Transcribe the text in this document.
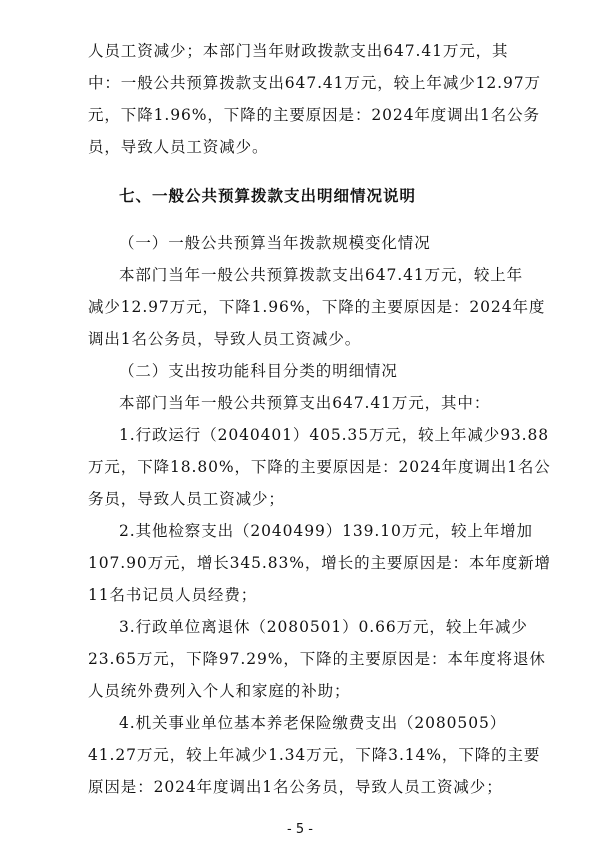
人员工资减少；本部门当年财政拨款支出647.41万元，其
中：一般公共预算拨款支出647.41万元，较上年减少12.97万
元，下降1.96%，下降的主要原因是：2024年度调出1名公务
员，导致人员工资减少。
七、一般公共预算拨款支出明细情况说明
（一）一般公共预算当年拨款规模变化情况
本部门当年一般公共预算拨款支出647.41万元，较上年
减少12.97万元，下降1.96%，下降的主要原因是：2024年度
调出1名公务员，导致人员工资减少。
（二）支出按功能科目分类的明细情况
本部门当年一般公共预算支出647.41万元，其中：
1.行政运行（2040401）405.35万元，较上年减少93.88
万元，下降18.80%，下降的主要原因是：2024年度调出1名公
务员，导致人员工资减少；
2.其他检察支出（2040499）139.10万元，较上年增加
107.90万元，增长345.83%，增长的主要原因是：本年度新增
11名书记员人员经费；
3.行政单位离退休（2080501）0.66万元，较上年减少
23.65万元，下降97.29%，下降的主要原因是：本年度将退休
人员统外费列入个人和家庭的补助；
4.机关事业单位基本养老保险缴费支出（2080505）
41.27万元，较上年减少1.34万元，下降3.14%，下降的主要
原因是：2024年度调出1名公务员，导致人员工资减少；
- 5 -
